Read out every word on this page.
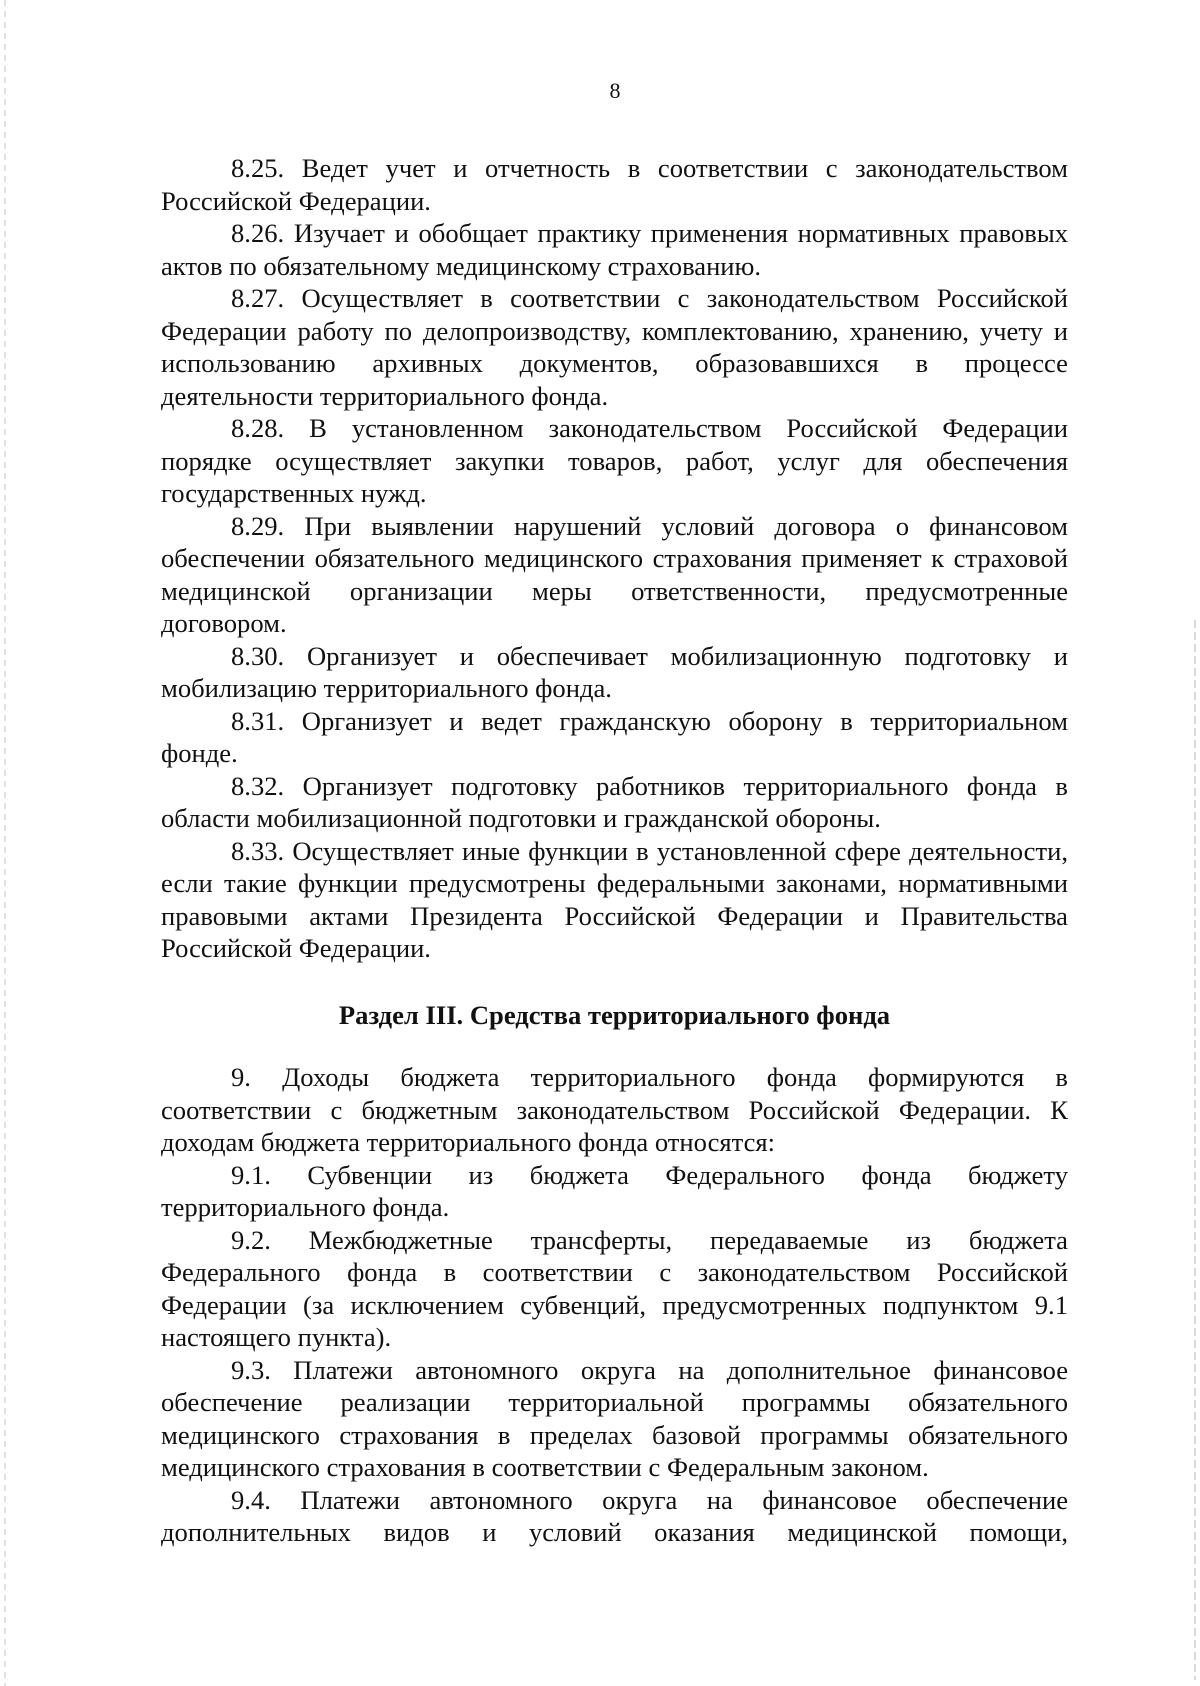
8

8.25. Ведет учет и отчетность в соответствии с законодательством Российской Федерации.

8.26. Изучает и обобщает практику применения нормативных правовых актов по обязательному медицинскому страхованию.

8.27. Осуществляет в соответствии с законодательством Российской Федерации работу по делопроизводству, комплектованию, хранению, учету и использованию архивных документов, образовавшихся в процессе деятельности территориального фонда.

8.28. В установленном законодательством Российской Федерации порядке осуществляет закупки товаров, работ, услуг для обеспечения государственных нужд.

8.29. При выявлении нарушений условий договора о финансовом обеспечении обязательного медицинского страхования применяет к страховой медицинской организации меры ответственности, предусмотренные договором.

8.30. Организует и обеспечивает мобилизационную подготовку и мобилизацию территориального фонда.

8.31. Организует и ведет гражданскую оборону в территориальном фонде.

8.32. Организует подготовку работников территориального фонда в области мобилизационной подготовки и гражданской обороны.

8.33. Осуществляет иные функции в установленной сфере деятельности, если такие функции предусмотрены федеральными законами, нормативными правовыми актами Президента Российской Федерации и Правительства Российской Федерации.

Раздел III. Средства территориального фонда

9. Доходы бюджета территориального фонда формируются в соответствии с бюджетным законодательством Российской Федерации. К доходам бюджета территориального фонда относятся:

9.1. Субвенции из бюджета Федерального фонда бюджету территориального фонда.

9.2. Межбюджетные трансферты, передаваемые из бюджета Федерального фонда в соответствии с законодательством Российской Федерации (за исключением субвенций, предусмотренных подпунктом 9.1 настоящего пункта).

9.3. Платежи автономного округа на дополнительное финансовое обеспечение реализации территориальной программы обязательного медицинского страхования в пределах базовой программы обязательного медицинского страхования в соответствии с Федеральным законом.

9.4. Платежи автономного округа на финансовое обеспечение дополнительных видов и условий оказания медицинской помощи,
